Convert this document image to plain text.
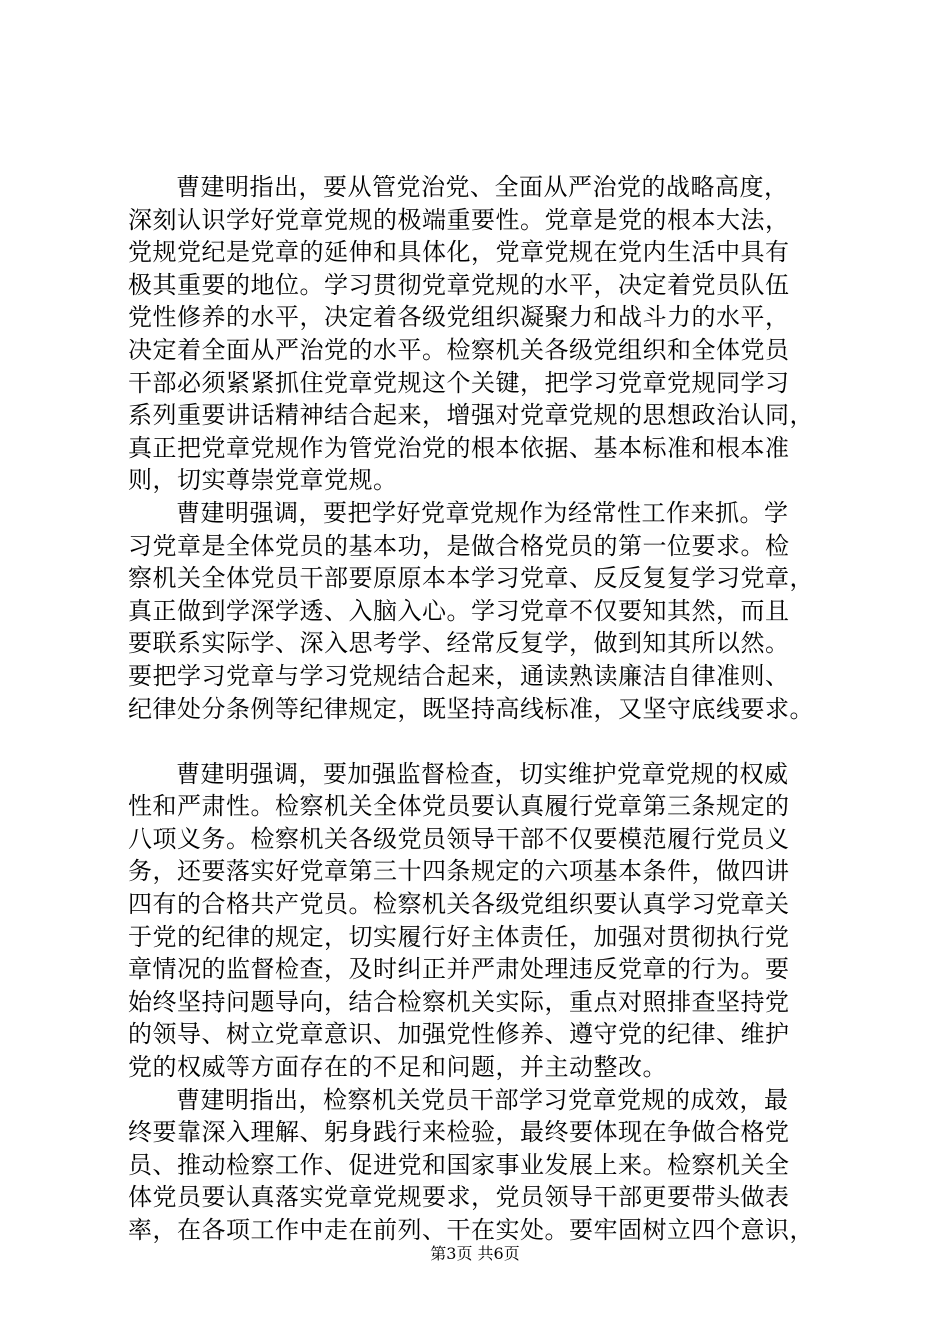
曹建明指出，要从管党治党、全面从严治党的战略高度，
深刻认识学好党章党规的极端重要性。党章是党的根本大法，
党规党纪是党章的延伸和具体化，党章党规在党内生活中具有
极其重要的地位。学习贯彻党章党规的水平，决定着党员队伍
党性修养的水平，决定着各级党组织凝聚力和战斗力的水平，
决定着全面从严治党的水平。检察机关各级党组织和全体党员
干部必须紧紧抓住党章党规这个关键，把学习党章党规同学习
系列重要讲话精神结合起来，增强对党章党规的思想政治认同，
真正把党章党规作为管党治党的根本依据、基本标准和根本准
则，切实尊崇党章党规。
曹建明强调，要把学好党章党规作为经常性工作来抓。学
习党章是全体党员的基本功，是做合格党员的第一位要求。检
察机关全体党员干部要原原本本学习党章、反反复复学习党章，
真正做到学深学透、入脑入心。学习党章不仅要知其然，而且
要联系实际学、深入思考学、经常反复学，做到知其所以然。
要把学习党章与学习党规结合起来，通读熟读廉洁自律准则、
纪律处分条例等纪律规定，既坚持高线标准，又坚守底线要求。
曹建明强调，要加强监督检查，切实维护党章党规的权威
性和严肃性。检察机关全体党员要认真履行党章第三条规定的
八项义务。检察机关各级党员领导干部不仅要模范履行党员义
务，还要落实好党章第三十四条规定的六项基本条件，做四讲
四有的合格共产党员。检察机关各级党组织要认真学习党章关
于党的纪律的规定，切实履行好主体责任，加强对贯彻执行党
章情况的监督检查，及时纠正并严肃处理违反党章的行为。要
始终坚持问题导向，结合检察机关实际，重点对照排查坚持党
的领导、树立党章意识、加强党性修养、遵守党的纪律、维护
党的权威等方面存在的不足和问题，并主动整改。
曹建明指出，检察机关党员干部学习党章党规的成效，最
终要靠深入理解、躬身践行来检验，最终要体现在争做合格党
员、推动检察工作、促进党和国家事业发展上来。检察机关全
体党员要认真落实党章党规要求，党员领导干部更要带头做表
率，在各项工作中走在前列、干在实处。要牢固树立四个意识，
第3页 共6页
